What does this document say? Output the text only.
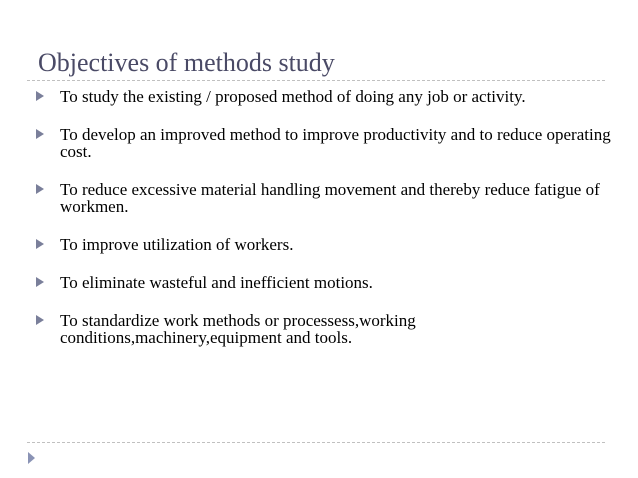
Objectives of methods study
To study the existing / proposed method of doing any job or activity.
To develop an improved method to improve productivity and to reduce operating cost.
To reduce excessive material handling movement and thereby reduce fatigue of workmen.
To improve utilization of workers.
To eliminate wasteful and inefficient motions.
To standardize work methods or processess,working conditions,machinery,equipment and tools.
